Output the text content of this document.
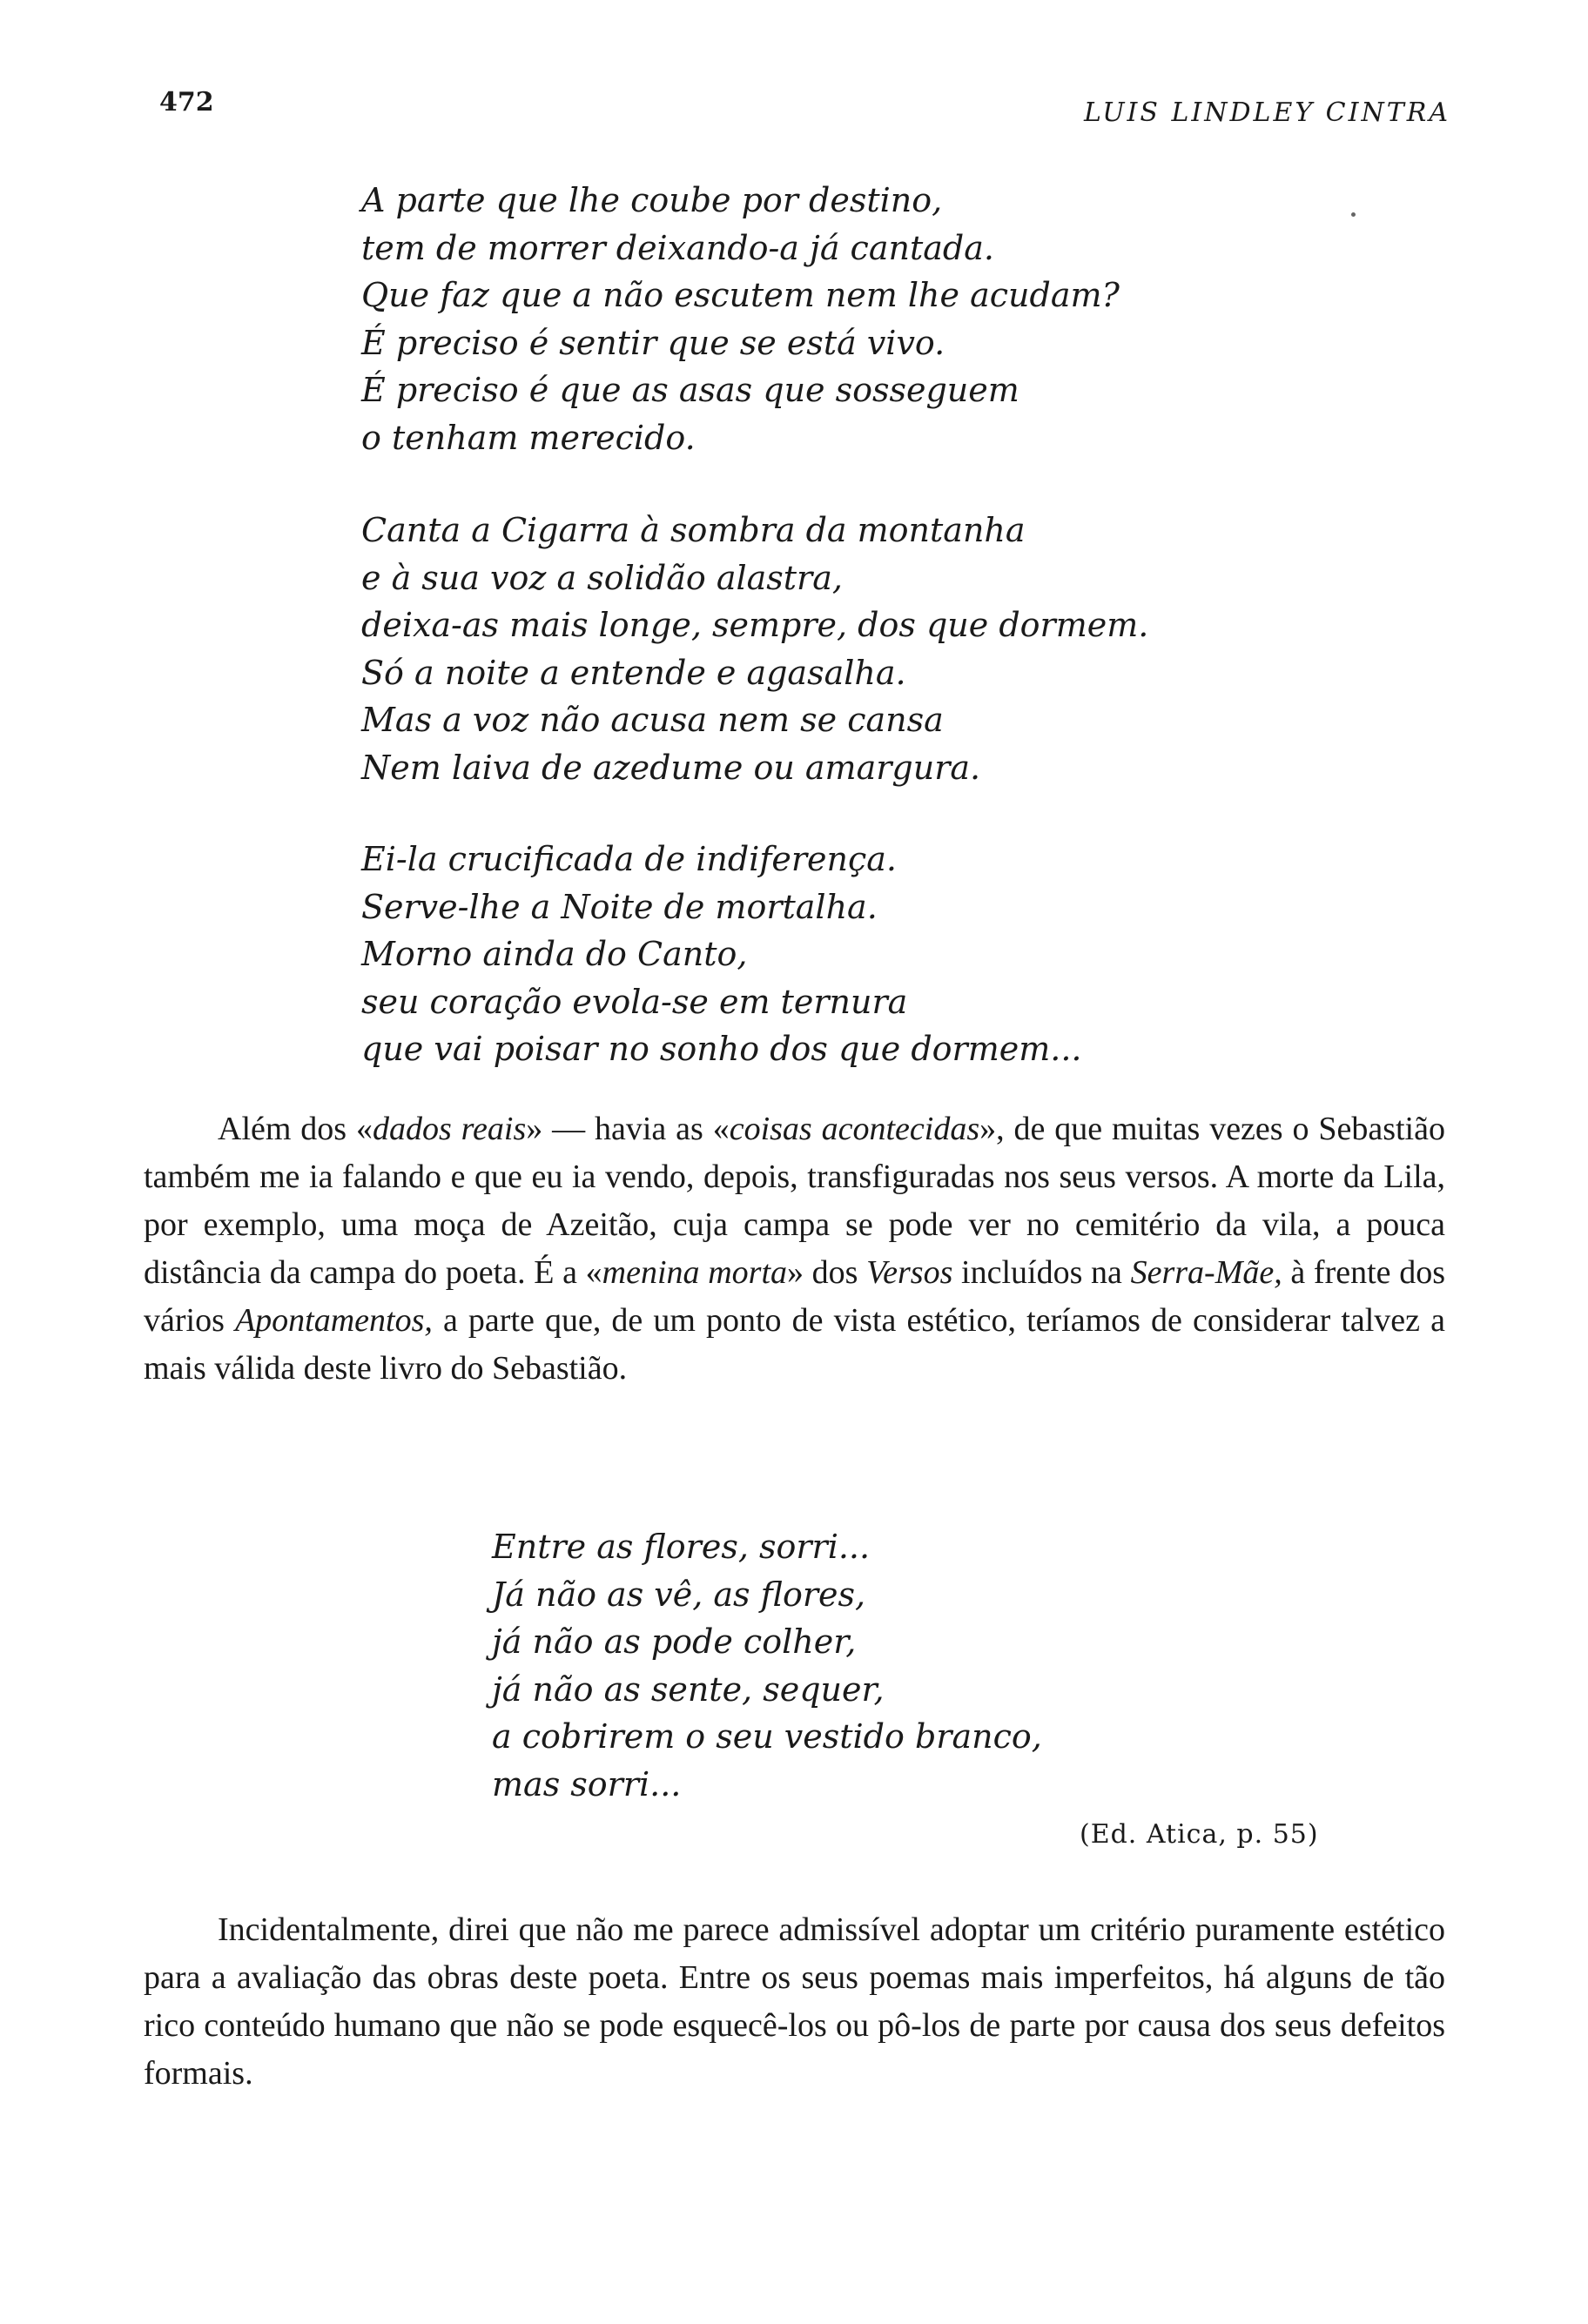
472	LUIS LINDLEY CINTRA
A parte que lhe coube por destino,
tem de morrer deixando-a já cantada.
Que faz que a não escutem nem lhe acudam?
É preciso é sentir que se está vivo.
É preciso é que as asas que sosseguem
o tenham merecido.
Canta a Cigarra à sombra da montanha
e à sua voz a solidão alastra,
deixa-as mais longe, sempre, dos que dormem.
Só a noite a entende e agasalha.
Mas a voz não acusa nem se cansa
Nem laiva de azedume ou amargura.
Ei-la crucificada de indiferença.
Serve-lhe a Noite de mortalha.
Morno ainda do Canto,
seu coração evola-se em ternura
que vai poisar no sonho dos que dormem...

Além dos «dados reais» — havia as «coisas acontecidas», de que muitas vezes o Sebastião também me ia falando e que eu ia vendo, depois, transfiguradas nos seus versos. A morte da Lila, por exemplo, uma moça de Azeitão, cuja campa se pode ver no cemitério da vila, a pouca distância da campa do poeta. É a «menina morta» dos Versos incluídos na Serra-Mãe, à frente dos vários Apontamentos, a parte que, de um ponto de vista estético, teríamos de considerar talvez a mais válida deste livro do Sebastião.

Entre as flores, sorri...
Já não as vê, as flores,
já não as pode colher,
já não as sente, sequer,
a cobrirem o seu vestido branco,
mas sorri...
(Ed. Atica, p. 55)

Incidentalmente, direi que não me parece admissível adoptar um critério puramente estético para a avaliação das obras deste poeta. Entre os seus poemas mais imperfeitos, há alguns de tão rico conteúdo humano que não se pode esquecê-los ou pô-los de parte por causa dos seus defeitos formais.
